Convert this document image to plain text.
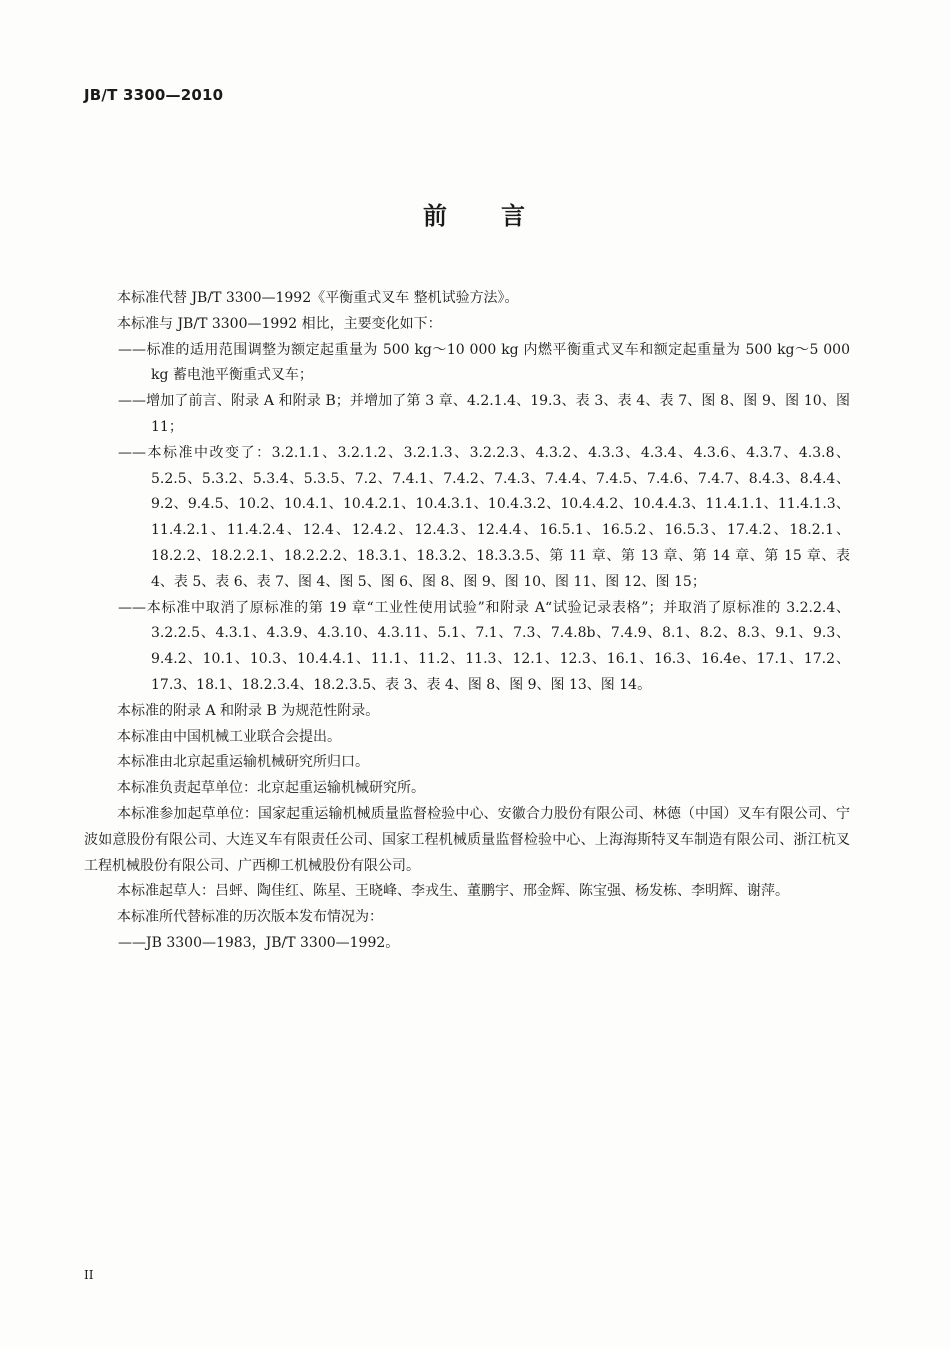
JB/T 3300—2010
前 言

本标准代替 JB/T 3300—1992《平衡重式叉车 整机试验方法》。

本标准与 JB/T 3300—1992 相比，主要变化如下：

——标准的适用范围调整为额定起重量为 500 kg～10 000 kg 内燃平衡重式叉车和额定起重量为 500 kg～5 000 kg 蓄电池平衡重式叉车；

——增加了前言、附录 A 和附录 B；并增加了第 3 章、4.2.1.4、19.3、表 3、表 4、表 7、图 8、图 9、图 10、图 11；

——本标准中改变了：3.2.1.1、3.2.1.2、3.2.1.3、3.2.2.3、4.3.2、4.3.3、4.3.4、4.3.6、4.3.7、4.3.8、5.2.5、5.3.2、5.3.4、5.3.5、7.2、7.4.1、7.4.2、7.4.3、7.4.4、7.4.5、7.4.6、7.4.7、8.4.3、8.4.4、9.2、9.4.5、10.2、10.4.1、10.4.2.1、10.4.3.1、10.4.3.2、10.4.4.2、10.4.4.3、11.4.1.1、11.4.1.3、11.4.2.1、11.4.2.4、12.4、12.4.2、12.4.3、12.4.4、16.5.1、16.5.2、16.5.3、17.4.2、18.2.1、18.2.2、18.2.2.1、18.2.2.2、18.3.1、18.3.2、18.3.3.5、第 11 章、第 13 章、第 14 章、第 15 章、表 4、表 5、表 6、表 7、图 4、图 5、图 6、图 8、图 9、图 10、图 11、图 12、图 15；

——本标准中取消了原标准的第 19 章“工业性使用试验”和附录 A“试验记录表格”；并取消了原标准的 3.2.2.4、3.2.2.5、4.3.1、4.3.9、4.3.10、4.3.11、5.1、7.1、7.3、7.4.8b、7.4.9、8.1、8.2、8.3、9.1、9.3、9.4.2、10.1、10.3、10.4.4.1、11.1、11.2、11.3、12.1、12.3、16.1、16.3、16.4e、17.1、17.2、17.3、18.1、18.2.3.4、18.2.3.5、表 3、表 4、图 8、图 9、图 13、图 14。

本标准的附录 A 和附录 B 为规范性附录。

本标准由中国机械工业联合会提出。

本标准由北京起重运输机械研究所归口。

本标准负责起草单位：北京起重运输机械研究所。

本标准参加起草单位：国家起重运输机械质量监督检验中心、安徽合力股份有限公司、林德（中国）叉车有限公司、宁波如意股份有限公司、大连叉车有限责任公司、国家工程机械质量监督检验中心、上海海斯特叉车制造有限公司、浙江杭叉工程机械股份有限公司、广西柳工机械股份有限公司。

本标准起草人：吕蚲、陶佳红、陈星、王晓峰、李戎生、董鹏宇、邢金辉、陈宝强、杨发栋、李明辉、谢萍。

本标准所代替标准的历次版本发布情况为：

——JB 3300—1983，JB/T 3300—1992。

II
